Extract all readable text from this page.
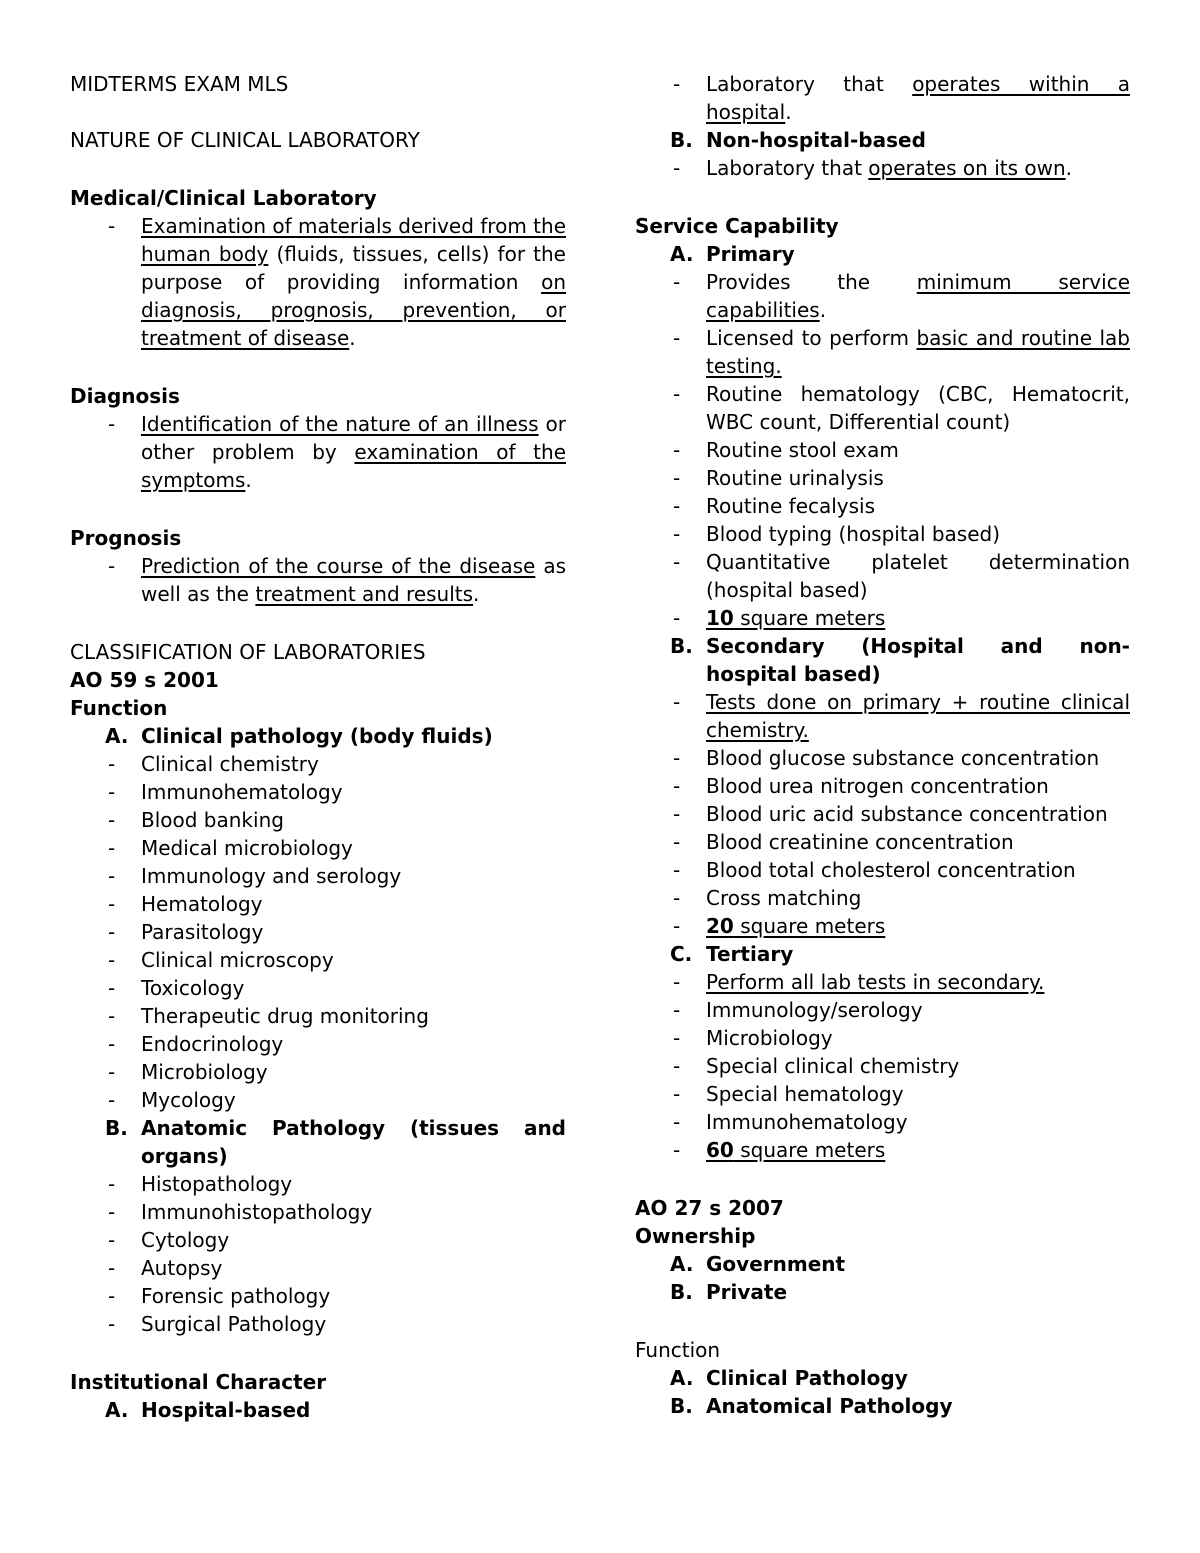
MIDTERMS EXAM MLS
NATURE OF CLINICAL LABORATORY
Medical/Clinical Laboratory
- Examination of materials derived from the human body (fluids, tissues, cells) for the purpose of providing information on diagnosis, prognosis, prevention, or treatment of disease.
Diagnosis
- Identification of the nature of an illness or other problem by examination of the symptoms.
Prognosis
- Prediction of the course of the disease as well as the treatment and results.
CLASSIFICATION OF LABORATORIES
AO 59 s 2001
Function
A. Clinical pathology (body fluids)
- Clinical chemistry
- Immunohematology
- Blood banking
- Medical microbiology
- Immunology and serology
- Hematology
- Parasitology
- Clinical microscopy
- Toxicology
- Therapeutic drug monitoring
- Endocrinology
- Microbiology
- Mycology
B. Anatomic Pathology (tissues and organs)
- Histopathology
- Immunohistopathology
- Cytology
- Autopsy
- Forensic pathology
- Surgical Pathology
Institutional Character
A. Hospital-based
- Laboratory that operates within a hospital.
B. Non-hospital-based
- Laboratory that operates on its own.
Service Capability
A. Primary
- Provides the minimum service capabilities.
- Licensed to perform basic and routine lab testing.
- Routine hematology (CBC, Hematocrit, WBC count, Differential count)
- Routine stool exam
- Routine urinalysis
- Routine fecalysis
- Blood typing (hospital based)
- Quantitative platelet determination (hospital based)
- 10 square meters
B. Secondary (Hospital and non-hospital based)
- Tests done on primary + routine clinical chemistry.
- Blood glucose substance concentration
- Blood urea nitrogen concentration
- Blood uric acid substance concentration
- Blood creatinine concentration
- Blood total cholesterol concentration
- Cross matching
- 20 square meters
C. Tertiary
- Perform all lab tests in secondary.
- Immunology/serology
- Microbiology
- Special clinical chemistry
- Special hematology
- Immunohematology
- 60 square meters
AO 27 s 2007
Ownership
A. Government
B. Private
Function
A. Clinical Pathology
B. Anatomical Pathology
